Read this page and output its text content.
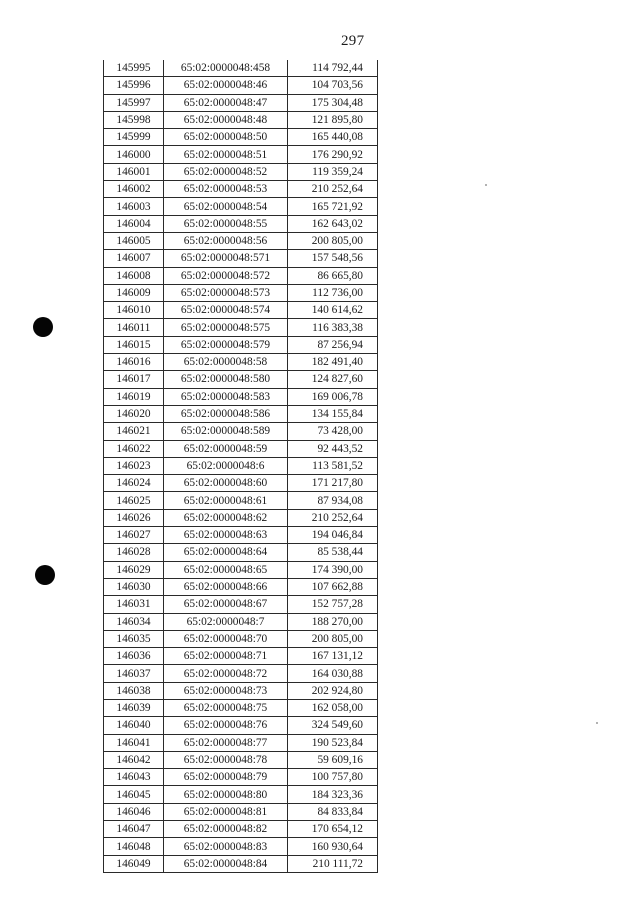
297
145995	65:02:0000048:458	114 792,44
145996	65:02:0000048:46	104 703,56
145997	65:02:0000048:47	175 304,48
145998	65:02:0000048:48	121 895,80
145999	65:02:0000048:50	165 440,08
146000	65:02:0000048:51	176 290,92
146001	65:02:0000048:52	119 359,24
146002	65:02:0000048:53	210 252,64
146003	65:02:0000048:54	165 721,92
146004	65:02:0000048:55	162 643,02
146005	65:02:0000048:56	200 805,00
146007	65:02:0000048:571	157 548,56
146008	65:02:0000048:572	86 665,80
146009	65:02:0000048:573	112 736,00
146010	65:02:0000048:574	140 614,62
146011	65:02:0000048:575	116 383,38
146015	65:02:0000048:579	87 256,94
146016	65:02:0000048:58	182 491,40
146017	65:02:0000048:580	124 827,60
146019	65:02:0000048:583	169 006,78
146020	65:02:0000048:586	134 155,84
146021	65:02:0000048:589	73 428,00
146022	65:02:0000048:59	92 443,52
146023	65:02:0000048:6	113 581,52
146024	65:02:0000048:60	171 217,80
146025	65:02:0000048:61	87 934,08
146026	65:02:0000048:62	210 252,64
146027	65:02:0000048:63	194 046,84
146028	65:02:0000048:64	85 538,44
146029	65:02:0000048:65	174 390,00
146030	65:02:0000048:66	107 662,88
146031	65:02:0000048:67	152 757,28
146034	65:02:0000048:7	188 270,00
146035	65:02:0000048:70	200 805,00
146036	65:02:0000048:71	167 131,12
146037	65:02:0000048:72	164 030,88
146038	65:02:0000048:73	202 924,80
146039	65:02:0000048:75	162 058,00
146040	65:02:0000048:76	324 549,60
146041	65:02:0000048:77	190 523,84
146042	65:02:0000048:78	59 609,16
146043	65:02:0000048:79	100 757,80
146045	65:02:0000048:80	184 323,36
146046	65:02:0000048:81	84 833,84
146047	65:02:0000048:82	170 654,12
146048	65:02:0000048:83	160 930,64
146049	65:02:0000048:84	210 111,72
